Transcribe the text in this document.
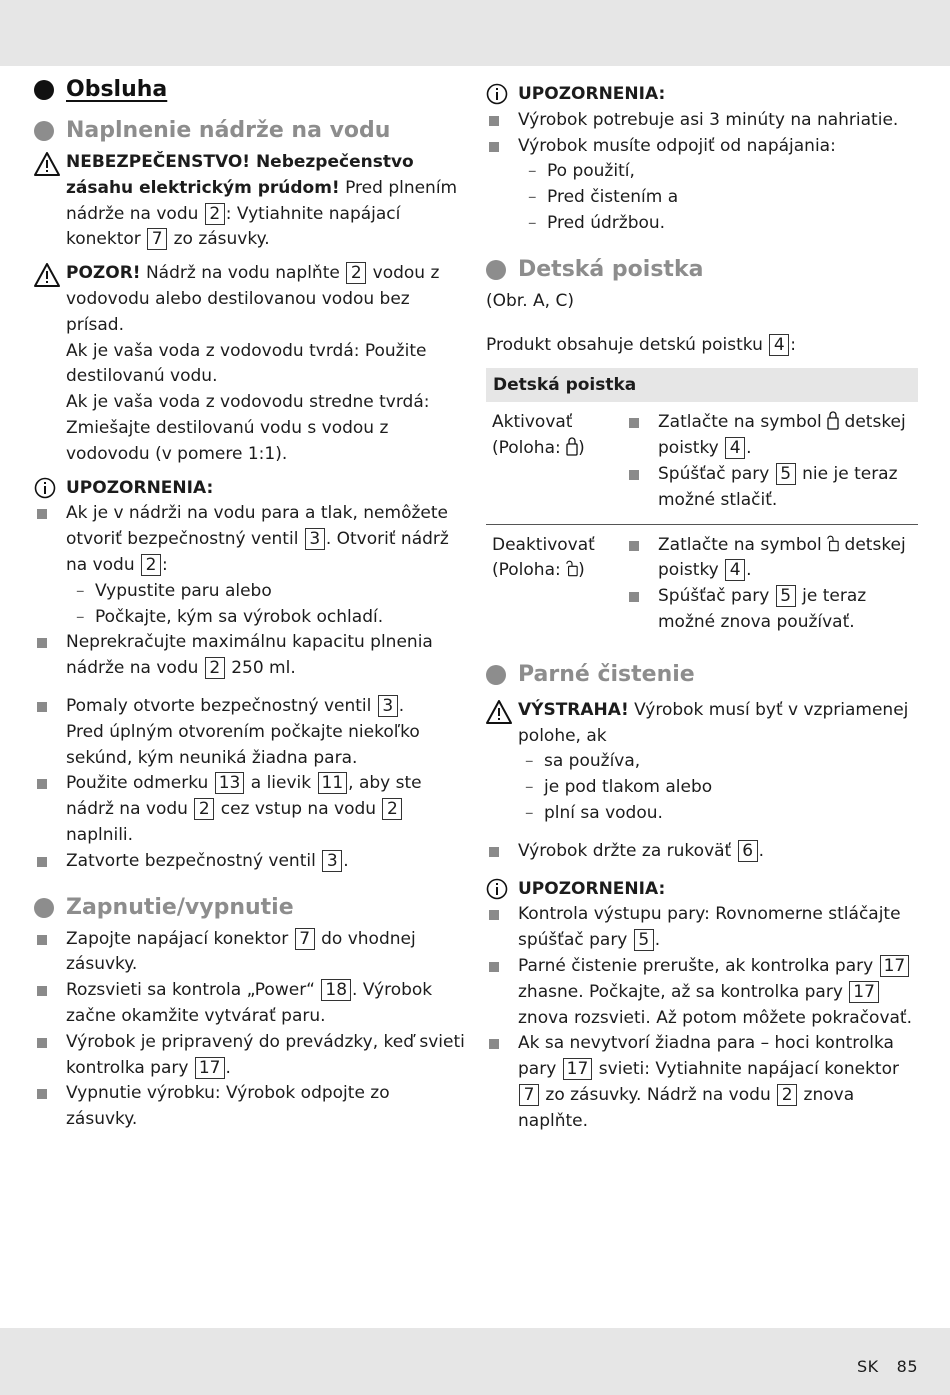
Obsluha
Naplnenie nádrže na vodu
NEBEZPEČENSTVO! Nebezpečenstvo zásahu elektrickým prúdom! Pred plnením nádrže na vodu 2 : Vytiahnite napájací konektor 7 zo zásuvky.
POZOR! Nádrž na vodu naplňte 2 vodou z vodovodu alebo destilovanou vodou bez prísad.
Ak je vaša voda z vodovodu tvrdá: Použite destilovanú vodu.
Ak je vaša voda z vodovodu stredne tvrdá: Zmiešajte destilovanú vodu s vodou z vodovodu (v pomere 1:1).
UPOZORNENIA:
Ak je v nádrži na vodu para a tlak, nemôžete otvoriť bezpečnostný ventil 3 . Otvoriť nádrž na vodu 2 :
– Vypustite paru alebo
– Počkajte, kým sa výrobok ochladí.
Neprekračujte maximálnu kapacitu plnenia nádrže na vodu 2 250 ml.
Pomaly otvorte bezpečnostný ventil 3 .
Pred úplným otvorením počkajte niekoľko sekúnd, kým neuniká žiadna para.
Použite odmerku 13 a lievik 11 , aby ste nádrž na vodu 2 cez vstup na vodu 2 naplnili.
Zatvorte bezpečnostný ventil 3 .
Zapnutie/vypnutie
Zapojte napájací konektor 7 do vhodnej zásuvky.
Rozsvieti sa kontrola „Power“ 18 . Výrobok začne okamžite vytvárať paru.
Výrobok je pripravený do prevádzky, keď svieti kontrolka pary 17 .
Vypnutie výrobku: Výrobok odpojte zo zásuvky.
UPOZORNENIA:
Výrobok potrebuje asi 3 minúty na nahriatie.
Výrobok musíte odpojiť od napájania:
– Po použití,
– Pred čistením a
– Pred údržbou.
Detská poistka
(Obr. A, C)
Produkt obsahuje detskú poistku 4 :
Detská poistka
Aktivovať
(Poloha: )
Zatlačte na symbol  detskej poistky 4 .
Spúšťač pary 5 nie je teraz možné stlačiť.
Deaktivovať
(Poloha: )
Zatlačte na symbol  detskej poistky 4 .
Spúšťač pary 5 je teraz možné znova používať.
Parné čistenie
VÝSTRAHA! Výrobok musí byť v vzpriamenej polohe, ak
– sa používa,
– je pod tlakom alebo
– plní sa vodou.
Výrobok držte za rukoväť 6 .
UPOZORNENIA:
Kontrola výstupu pary: Rovnomerne stláčajte spúšťač pary 5 .
Parné čistenie prerušte, ak kontrolka pary 17 zhasne. Počkajte, až sa kontrolka pary 17 znova rozsvieti. Až potom môžete pokračovať.
Ak sa nevytvorí žiadna para – hoci kontrolka pary 17 svieti: Vytiahnite napájací konektor 7 zo zásuvky. Nádrž na vodu 2 znova naplňte.
SK 85
